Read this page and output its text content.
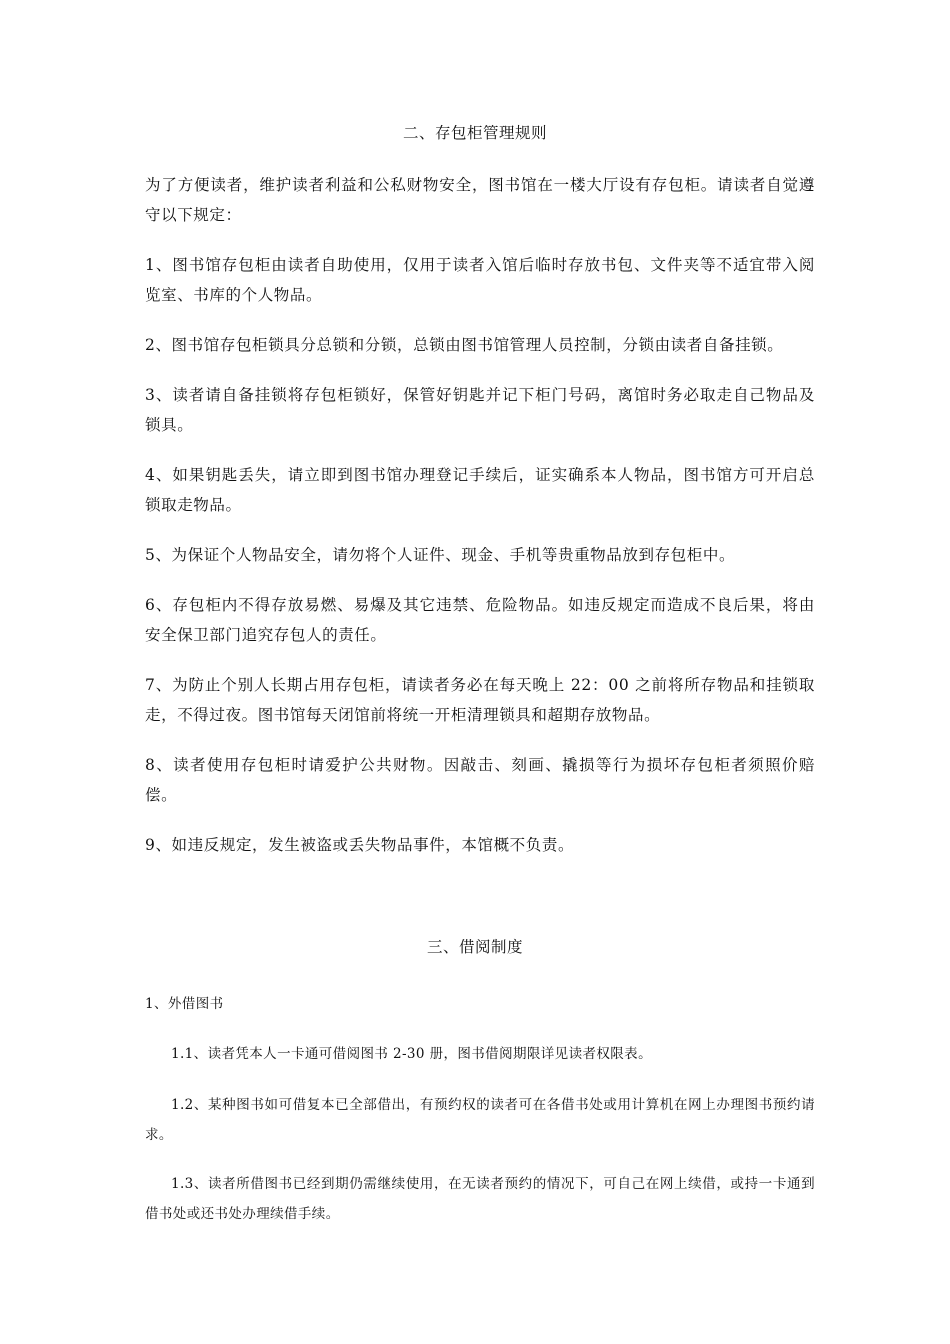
二、存包柜管理规则
为了方便读者，维护读者利益和公私财物安全，图书馆在一楼大厅设有存包柜。请读者自觉遵守以下规定：
1、图书馆存包柜由读者自助使用，仅用于读者入馆后临时存放书包、文件夹等不适宜带入阅览室、书库的个人物品。
2、图书馆存包柜锁具分总锁和分锁，总锁由图书馆管理人员控制，分锁由读者自备挂锁。
3、读者请自备挂锁将存包柜锁好，保管好钥匙并记下柜门号码，离馆时务必取走自己物品及锁具。
4、如果钥匙丢失，请立即到图书馆办理登记手续后，证实确系本人物品，图书馆方可开启总锁取走物品。
5、为保证个人物品安全，请勿将个人证件、现金、手机等贵重物品放到存包柜中。
6、存包柜内不得存放易燃、易爆及其它违禁、危险物品。如违反规定而造成不良后果，将由安全保卫部门追究存包人的责任。
7、为防止个别人长期占用存包柜，请读者务必在每天晚上 22：00 之前将所存物品和挂锁取走，不得过夜。图书馆每天闭馆前将统一开柜清理锁具和超期存放物品。
8、读者使用存包柜时请爱护公共财物。因敲击、刻画、撬损等行为损坏存包柜者须照价赔偿。
9、如违反规定，发生被盗或丢失物品事件，本馆概不负责。
三、借阅制度
1、外借图书
1.1、读者凭本人一卡通可借阅图书 2-30 册，图书借阅期限详见读者权限表。
1.2、某种图书如可借复本已全部借出，有预约权的读者可在各借书处或用计算机在网上办理图书预约请求。
1.3、读者所借图书已经到期仍需继续使用，在无读者预约的情况下，可自己在网上续借，或持一卡通到借书处或还书处办理续借手续。
